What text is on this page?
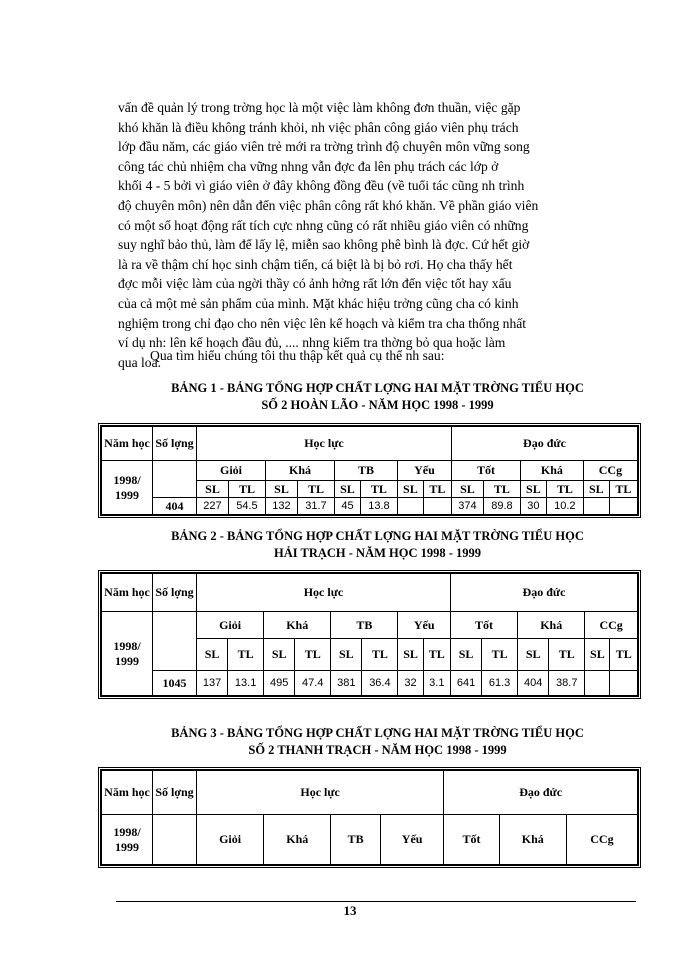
vấn đề quản lý trong trờng học là một việc làm không đơn thuần, việc gặp

khó khăn là điều không tránh khỏi, nh việc phân công giáo viên phụ trách

lớp đầu năm, các giáo viên trẻ mới ra trờng trình độ chuyên môn vững song

công tác chủ nhiệm cha vững nhng vẫn đợc đa lên phụ trách các lớp ở

khối 4 - 5 bởi vì giáo viên ở đây không đồng đều (về tuổi tác cũng nh trình

độ chuyên môn) nên dẫn đến việc phân công rất khó khăn. Về phần giáo viên

có một số hoạt động rất tích cực nhng cũng có rất nhiều giáo viên có những

suy nghĩ bảo thủ, làm để lấy lệ, miễn sao không phê bình là đợc. Cứ hết giờ

là ra về thậm chí học sinh chậm tiến, cá biệt là bị bỏ rơi. Họ cha thấy hết

đợc mỗi việc làm của ngời thầy có ảnh hởng rất lớn đến việc tốt hay xấu

của cả một mẻ sản phẩm của mình. Mặt khác hiệu trởng cũng cha có kinh

nghiệm trong chỉ đạo cho nên việc lên kế hoạch và kiểm tra cha thống nhất

ví dụ nh: lên kế hoạch đầu đủ, .... nhng kiểm tra thờng bỏ qua hoặc làm

qua loa.

Qua tìm hiểu chúng tôi thu thập kết quả cụ thể nh sau:
BẢNG 1 - BẢNG TỔNG HỢP CHẤT LỢNG HAI MẶT TRỜNG TIỂU HỌC
SỐ 2 HOÀN LÃO - NĂM HỌC 1998 - 1999
Năm học	Số lợng	Học lực								Đạo đức					
1998/ 1999		Giỏi		Khá		TB		Yếu		Tốt		Khá		CCg	
		SL	TL	SL	TL	SL	TL	SL	TL	SL	TL	SL	TL	SL	TL
	404	227	54.5	132	31.7	45	13.8			374	89.8	30	10.2		
BẢNG 2 - BẢNG TỔNG HỢP CHẤT LỢNG HAI MẶT TRỜNG TIỂU HỌC
HẢI TRẠCH - NĂM HỌC 1998 - 1999
Năm học	Số lợng	Học lực								Đạo đức					
1998/ 1999		Giỏi		Khá		TB		Yếu		Tốt		Khá		CCg	
		SL	TL	SL	TL	SL	TL	SL	TL	SL	TL	SL	TL	SL	TL
	1045	137	13.1	495	47.4	381	36.4	32	3.1	641	61.3	404	38.7		
BẢNG 3 - BẢNG TỔNG HỢP CHẤT LỢNG HAI MẶT TRỜNG TIỂU HỌC
SỐ 2 THANH TRẠCH - NĂM HỌC 1998 - 1999
Năm học	Số lợng	Học lực				Đạo đức		
1998/ 1999		Giỏi	Khá	TB	Yếu	Tốt	Khá	CCg
13
